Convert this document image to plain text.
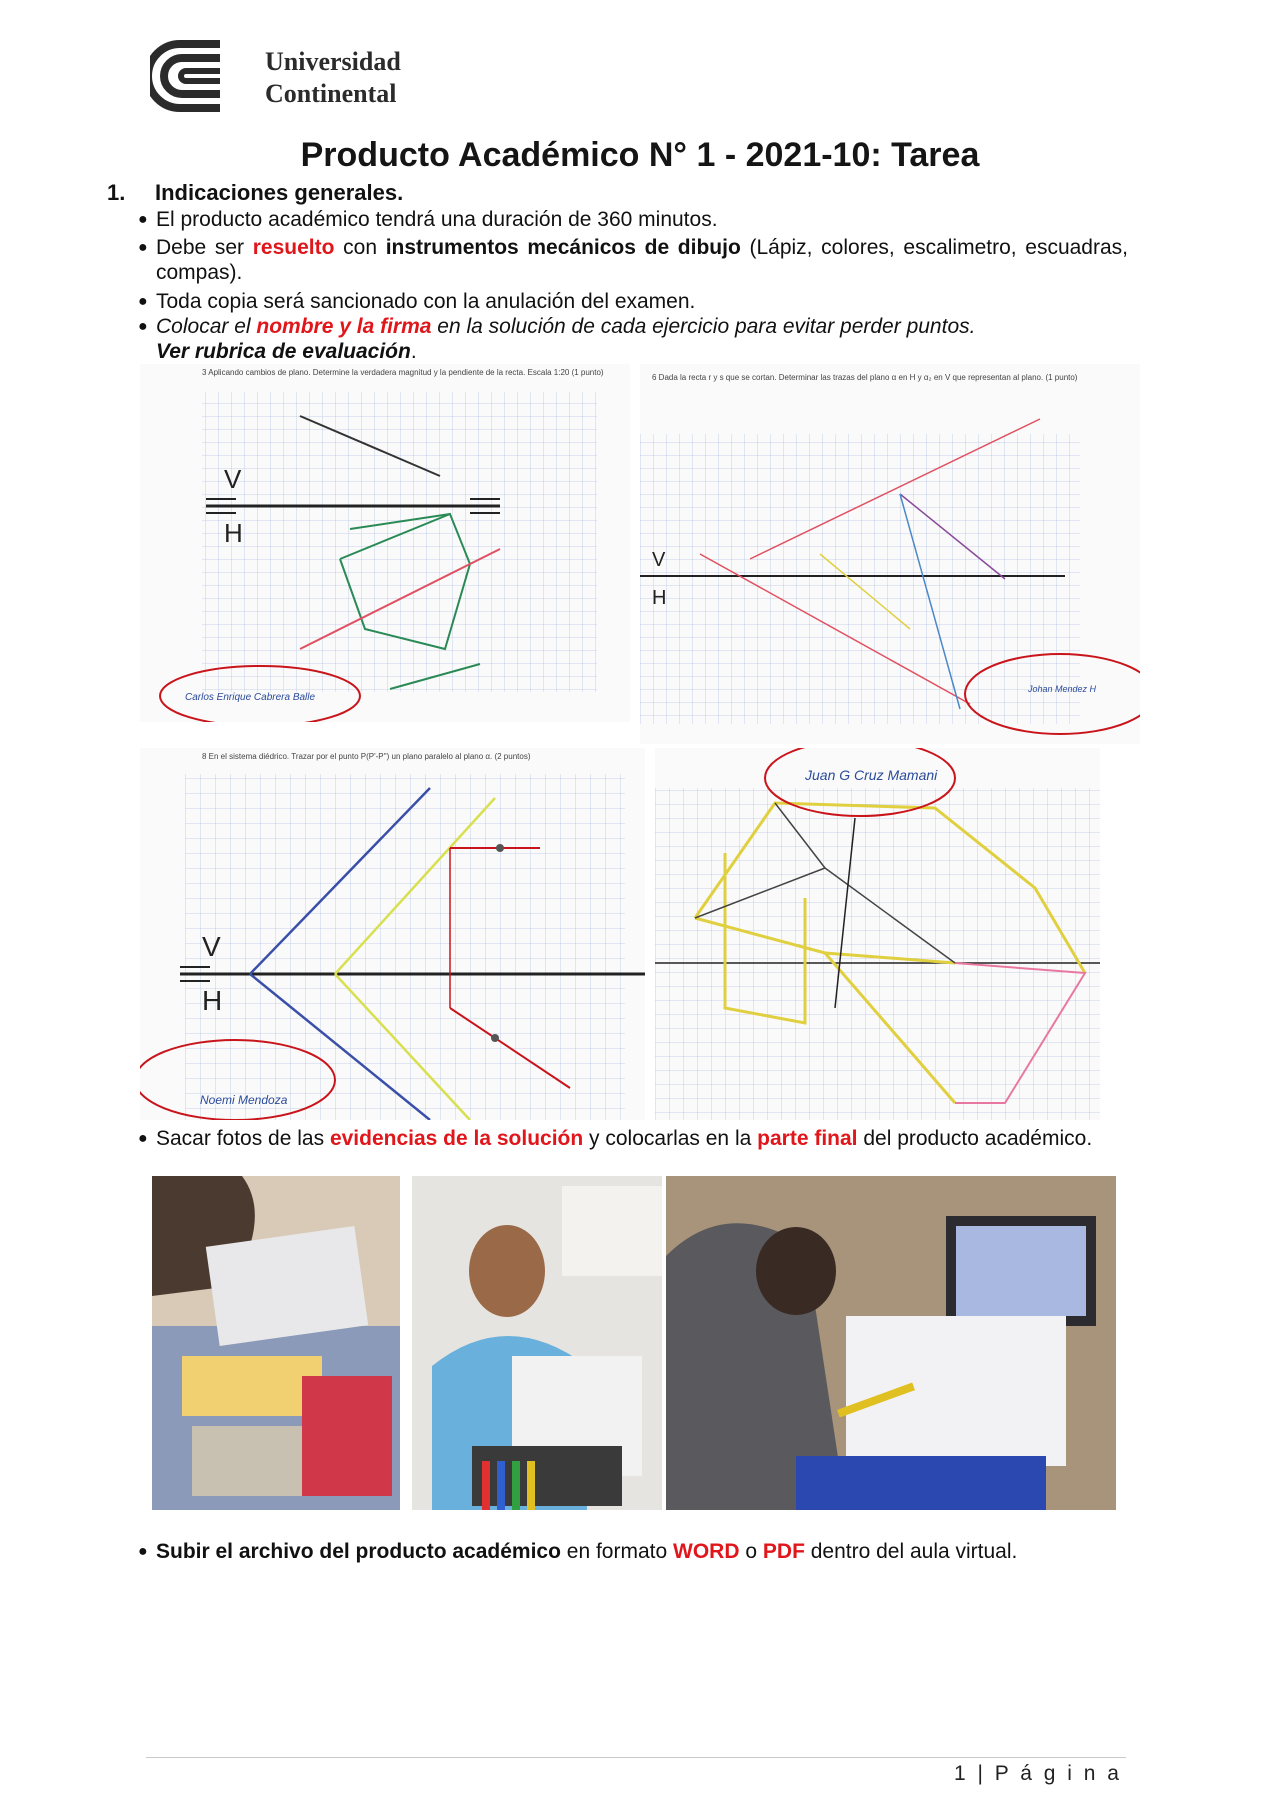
Universidad
Continental
Producto Académico N° 1 - 2021-10: Tarea
1. Indicaciones generales.
● El producto académico tendrá una duración de 360 minutos.
● Debe ser resuelto con instrumentos mecánicos de dibujo (Lápiz, colores, escalimetro, escuadras, compas).
● Toda copia será sancionado con la anulación del examen.
● Colocar el nombre y la firma en la solución de cada ejercicio para evitar perder puntos.
Ver rubrica de evaluación.
3 Aplicando cambios de plano. Determine la verdadera magnitud y la pendiente de la recta. Escala 1:20 (1 punto)
V
H
Carlos Enrique Cabrera Balle
6 Dada la recta r y s que se cortan. Determinar las trazas del plano α en H y α₂ en V que representan al plano. (1 punto)
V
H
Johan Mendez H
8 En el sistema diédrico. Trazar por el punto P(P'-P'') un plano paralelo al plano α. (2 puntos)
V
H
Noemi Mendoza
Juan G Cruz Mamani
● Sacar fotos de las evidencias de la solución y colocarlas en la parte final del producto académico.
● Subir el archivo del producto académico en formato WORD o PDF dentro del aula virtual.
1 | P á g i n a
